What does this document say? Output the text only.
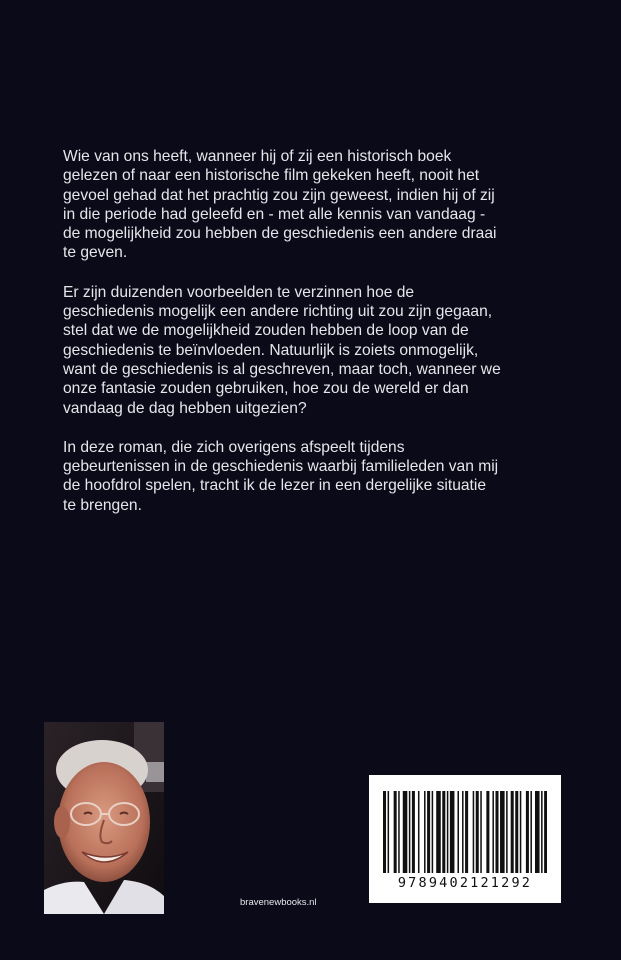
Wie van ons heeft, wanneer hij of zij een historisch boek
gelezen of naar een historische film gekeken heeft, nooit het
gevoel gehad dat het prachtig zou zijn geweest, indien hij of zij
in die periode had geleefd en - met alle kennis van vandaag -
de mogelijkheid zou hebben de geschiedenis een andere draai
te geven.

Er zijn duizenden voorbeelden te verzinnen hoe de
geschiedenis mogelijk een andere richting uit zou zijn gegaan,
stel dat we de mogelijkheid zouden hebben de loop van de
geschiedenis te beïnvloeden. Natuurlijk is zoiets onmogelijk,
want de geschiedenis is al geschreven, maar toch, wanneer we
onze fantasie zouden gebruiken, hoe zou de wereld er dan
vandaag de dag hebben uitgezien?

In deze roman, die zich overigens afspeelt tijdens
gebeurtenissen in de geschiedenis waarbij familieleden van mij
de hoofdrol spelen, tracht ik de lezer in een dergelijke situatie
te brengen.

bravenewbooks.nl
9789402121292
